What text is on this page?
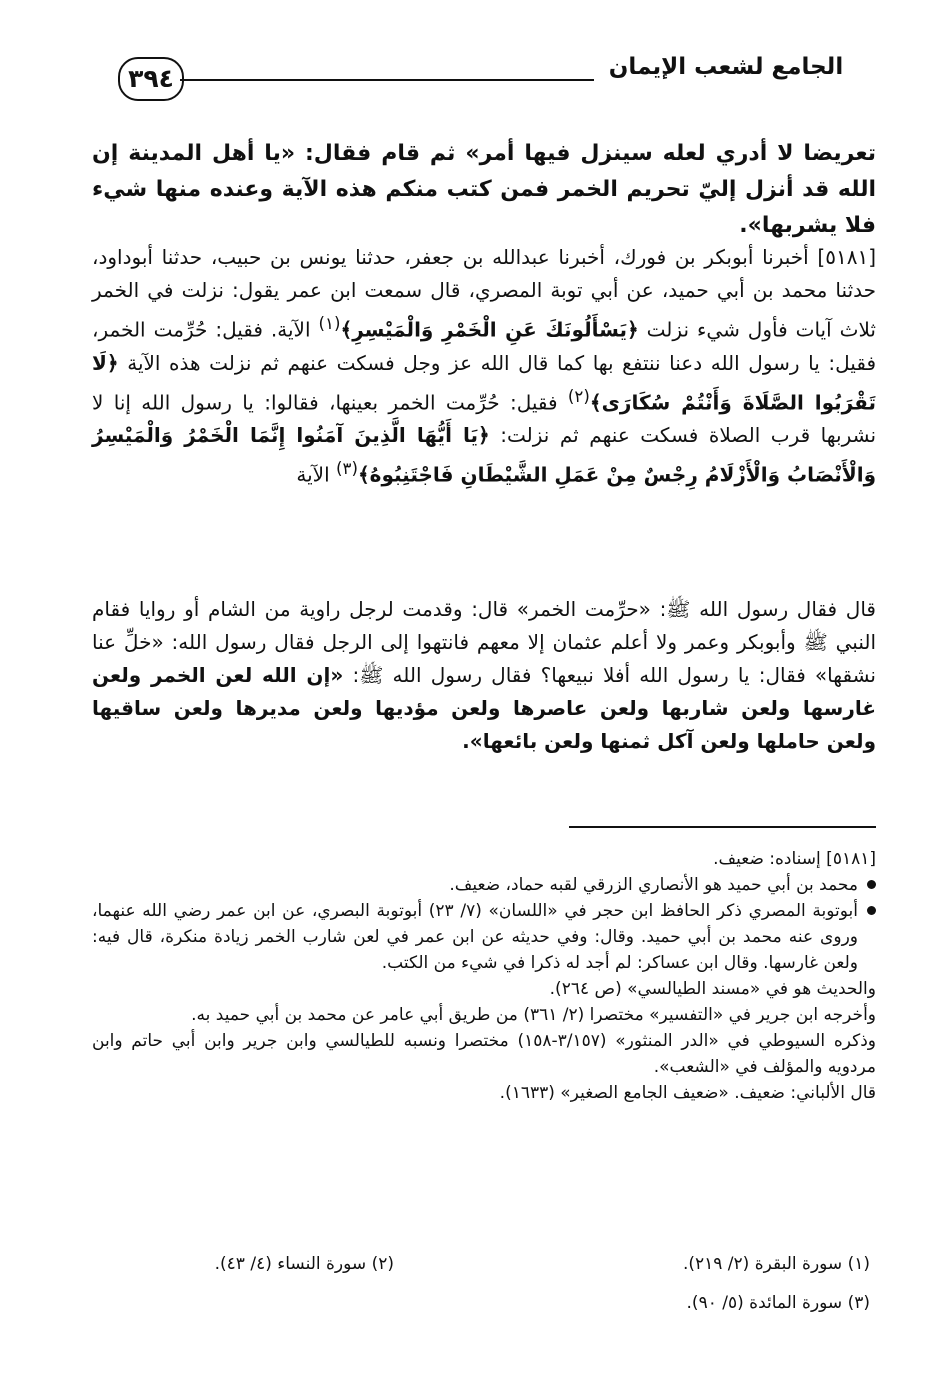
٣٩٤	الجامع لشعب الإيمان
تعريضا لا أدري لعله سينزل فيها أمر» ثم قام فقال: «يا أهل المدينة إن الله قد أنزل إليّ تحريم الخمر فمن كتب منكم هذه الآية وعنده منها شيء فلا يشربها».
[٥١٨١] أخبرنا أبوبكر بن فورك، أخبرنا عبدالله بن جعفر، حدثنا يونس بن حبيب، حدثنا أبوداود، حدثنا محمد بن أبي حميد، عن أبي توبة المصري، قال سمعت ابن عمر يقول: نزلت في الخمر ثلاث آيات فأول شيء نزلت ﴿يَسْأَلُونَكَ عَنِ الْخَمْرِ وَالْمَيْسِرِ﴾$^{(١)}$ الآية. فقيل: حُرِّمت الخمر، فقيل: يا رسول الله دعنا ننتفع بها كما قال الله عز وجل فسكت عنهم ثم نزلت هذه الآية ﴿لَا تَقْرَبُوا الصَّلَاةَ وَأَنْتُمْ سُكَارَى﴾$^{(٢)}$ فقيل: حُرِّمت الخمر بعينها، فقالوا: يا رسول الله إنا لا نشربها قرب الصلاة فسكت عنهم ثم نزلت: ﴿يَا أَيُّهَا الَّذِينَ آمَنُوا إِنَّمَا الْخَمْرُ وَالْمَيْسِرُ وَالْأَنْصَابُ وَالْأَزْلَامُ رِجْسٌ مِنْ عَمَلِ الشَّيْطَانِ فَاجْتَنِبُوهُ﴾$^{(٣)}$ الآية
قال فقال رسول الله ﷺ: «حرِّمت الخمر» قال: وقدمت لرجل راوية من الشام أو روايا فقام النبي ﷺ وأبوبكر وعمر ولا أعلم عثمان إلا معهم فانتهوا إلى الرجل فقال رسول الله: «خلِّ عنا نشقها» فقال: يا رسول الله أفلا نبيعها؟ فقال رسول الله ﷺ: «إن الله لعن الخمر ولعن غارسها ولعن شاربها ولعن عاصرها ولعن مؤديها ولعن مديرها ولعن ساقيها ولعن حاملها ولعن آكل ثمنها ولعن بائعها».
[٥١٨١] إسناده: ضعيف.
محمد بن أبي حميد هو الأنصاري الزرقي لقبه حماد، ضعيف.
أبوتوبة المصري ذكر الحافظ ابن حجر في «اللسان» (٧/ ٢٣) أبوتوبة البصري، عن ابن عمر رضي الله عنهما، وروى عنه محمد بن أبي حميد. وقال: وفي حديثه عن ابن عمر في لعن شارب الخمر زيادة منكرة، قال فيه: ولعن غارسها. وقال ابن عساكر: لم أجد له ذكرا في شيء من الكتب.
والحديث هو في «مسند الطيالسي» (ص ٢٦٤).
وأخرجه ابن جرير في «التفسير» مختصرا (٢/ ٣٦١) من طريق أبي عامر عن محمد بن أبي حميد به.
وذكره السيوطي في «الدر المنثور» (٣/١٥٧-١٥٨) مختصرا ونسبه للطيالسي وابن جرير وابن أبي حاتم وابن مردويه والمؤلف في «الشعب».
قال الألباني: ضعيف. «ضعيف الجامع الصغير» (١٦٣٣).
(١) سورة البقرة (٢/ ٢١٩).
(٢) سورة النساء (٤/ ٤٣).
(٣) سورة المائدة (٥/ ٩٠).
